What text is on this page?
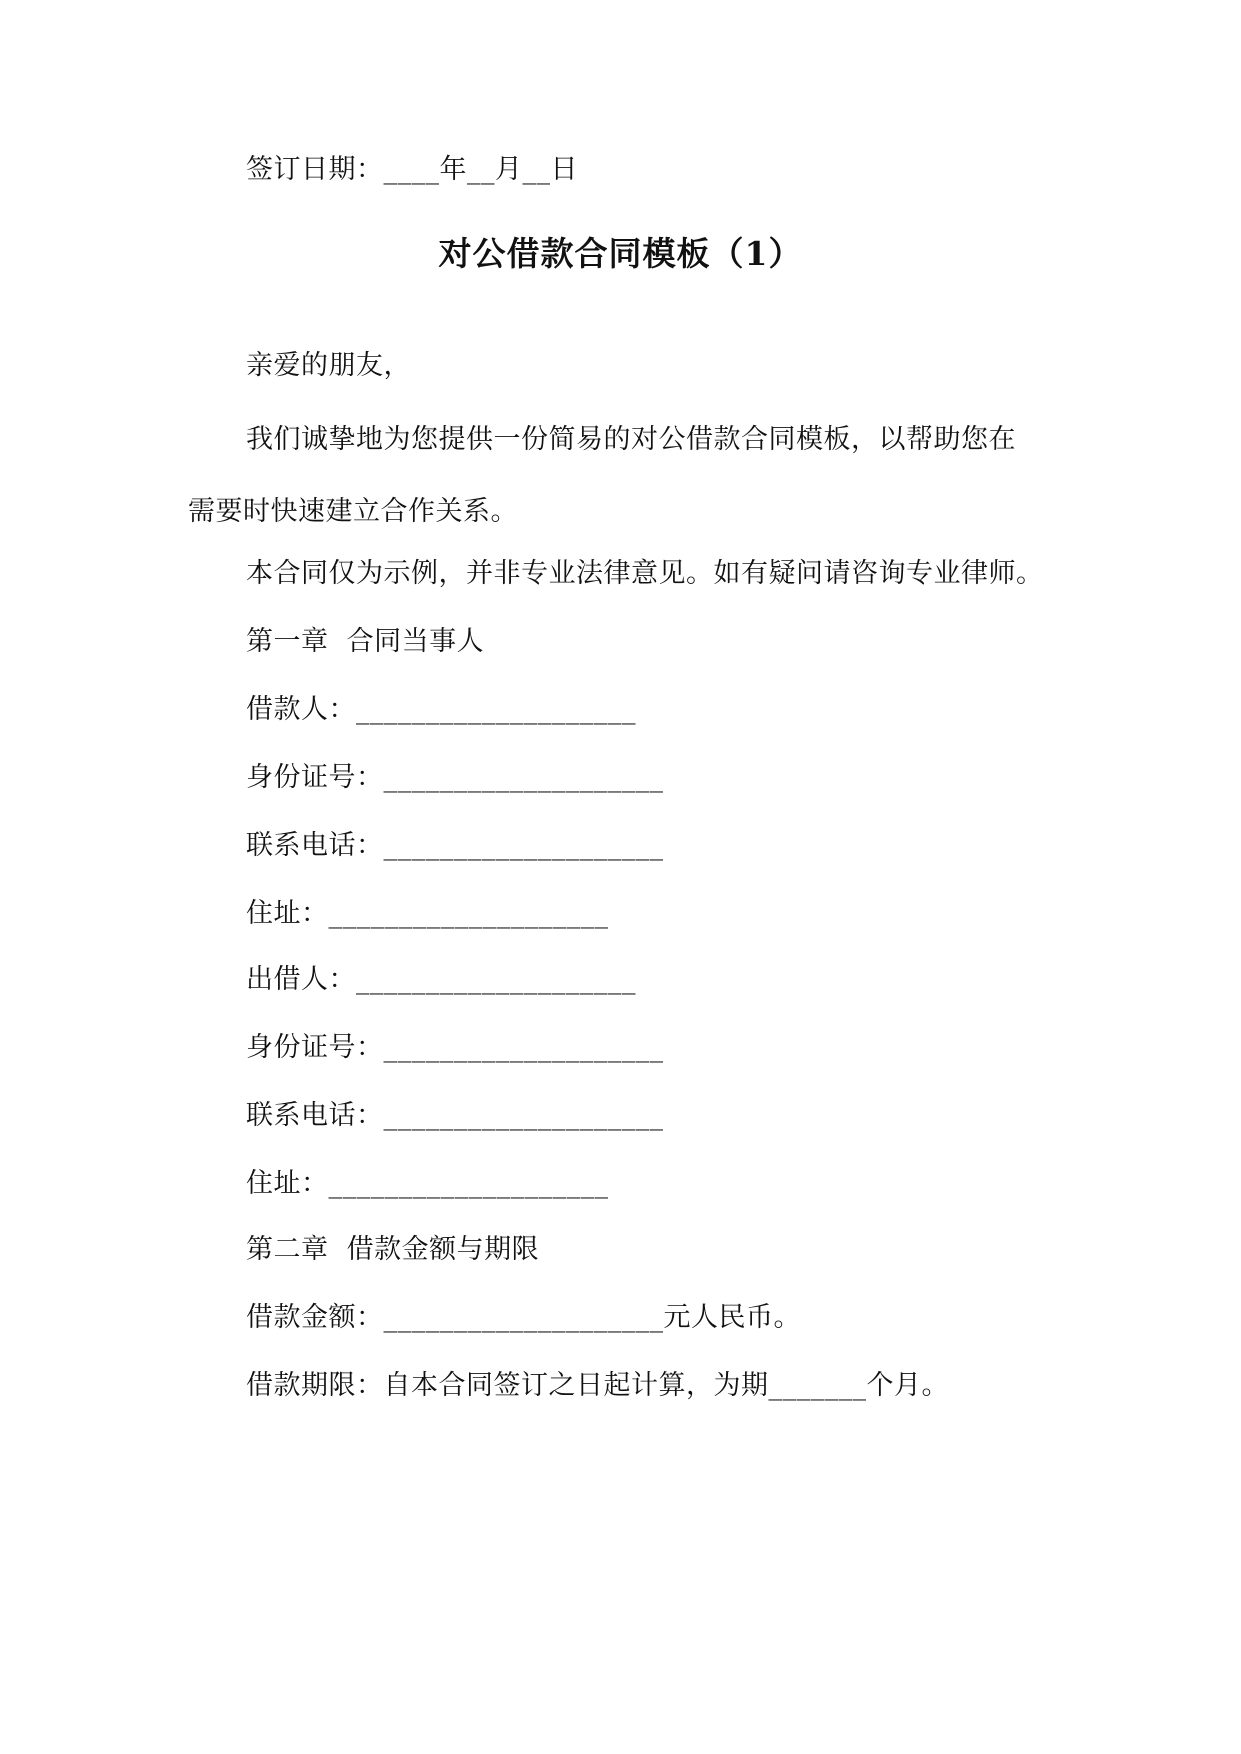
签订日期：____年__月__日
对公借款合同模板（1）
亲爱的朋友，
我们诚挚地为您提供一份简易的对公借款合同模板，以帮助您在
需要时快速建立合作关系。
本合同仅为示例，并非专业法律意见。如有疑问请咨询专业律师。
第一章  合同当事人
借款人：____________________
身份证号：____________________
联系电话：____________________
住址：____________________
出借人：____________________
身份证号：____________________
联系电话：____________________
住址：____________________
第二章  借款金额与期限
借款金额：____________________元人民币。
借款期限：自本合同签订之日起计算，为期_______个月。
